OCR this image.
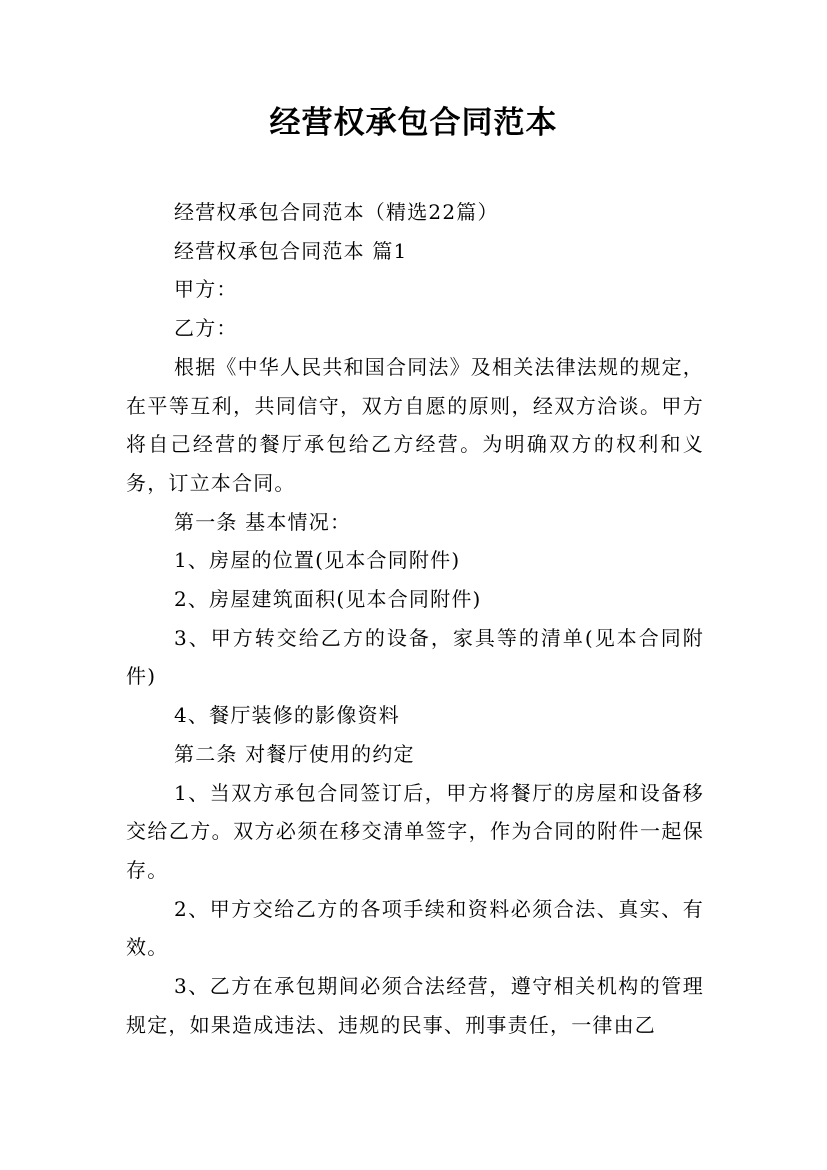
经营权承包合同范本

经营权承包合同范本（精选22篇）

经营权承包合同范本 篇1

甲方：

乙方：

根据《中华人民共和国合同法》及相关法律法规的规定，在平等互利，共同信守，双方自愿的原则，经双方洽谈。甲方将自己经营的餐厅承包给乙方经营。为明确双方的权利和义务，订立本合同。

第一条 基本情况：

1、房屋的位置(见本合同附件)

2、房屋建筑面积(见本合同附件)

3、甲方转交给乙方的设备，家具等的清单(见本合同附件)

4、餐厅装修的影像资料

第二条 对餐厅使用的约定

1、当双方承包合同签订后，甲方将餐厅的房屋和设备移交给乙方。双方必须在移交清单签字，作为合同的附件一起保存。

2、甲方交给乙方的各项手续和资料必须合法、真实、有效。

3、乙方在承包期间必须合法经营，遵守相关机构的管理规定，如果造成违法、违规的民事、刑事责任，一律由乙
